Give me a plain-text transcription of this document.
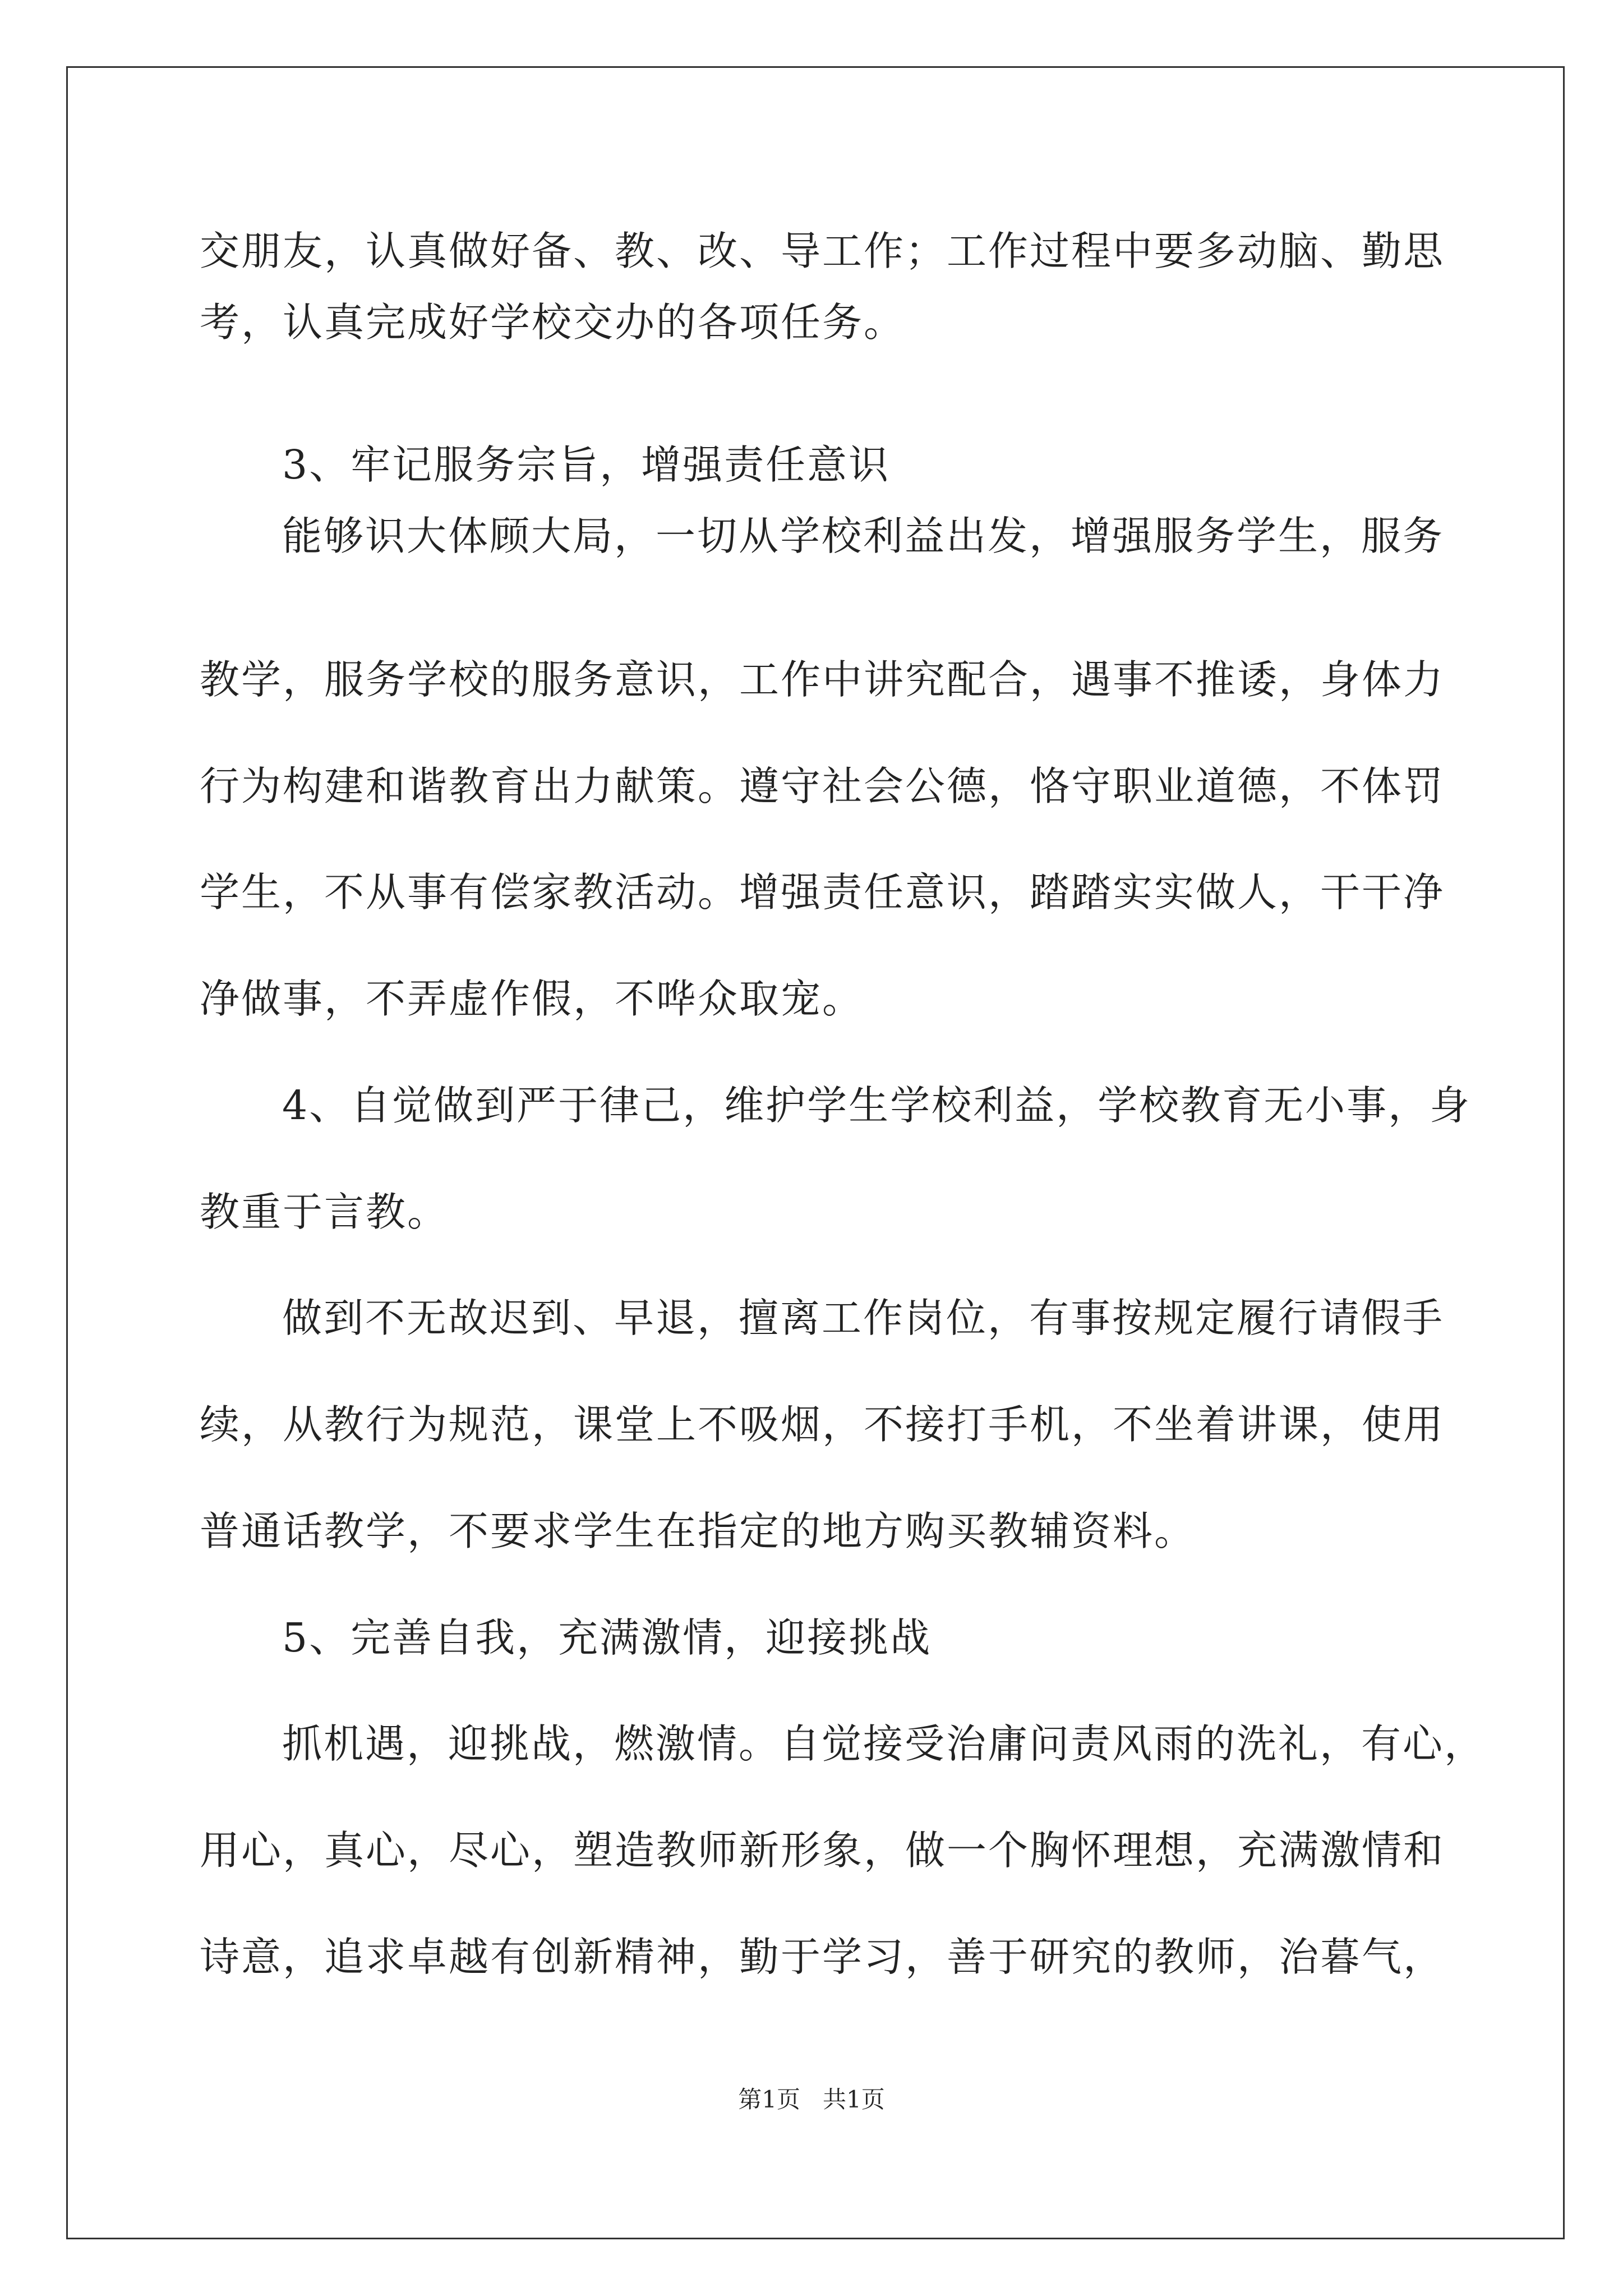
交朋友，认真做好备、教、改、导工作；工作过程中要多动脑、勤思
考，认真完成好学校交办的各项任务。
3、牢记服务宗旨，增强责任意识
能够识大体顾大局，一切从学校利益出发，增强服务学生，服务
教学，服务学校的服务意识，工作中讲究配合，遇事不推诿，身体力
行为构建和谐教育出力献策。遵守社会公德，恪守职业道德，不体罚
学生，不从事有偿家教活动。增强责任意识，踏踏实实做人，干干净
净做事，不弄虚作假，不哗众取宠。
4、自觉做到严于律己，维护学生学校利益，学校教育无小事，身
教重于言教。
做到不无故迟到、早退，擅离工作岗位，有事按规定履行请假手
续，从教行为规范，课堂上不吸烟，不接打手机，不坐着讲课，使用
普通话教学，不要求学生在指定的地方购买教辅资料。
5、完善自我，充满激情，迎接挑战
抓机遇，迎挑战，燃激情。自觉接受治庸问责风雨的洗礼，有心，
用心，真心，尽心，塑造教师新形象，做一个胸怀理想，充满激情和
诗意，追求卓越有创新精神，勤于学习，善于研究的教师，治暮气，
第1页   共1页
